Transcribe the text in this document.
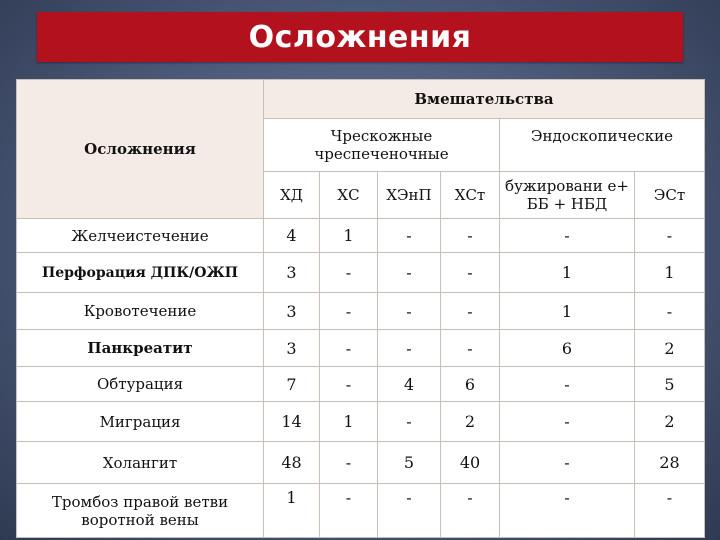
Осложнения
Осложнения	Вмешательства					
	Чрескожные чреспеченочные				Эндоскопические	
	ХД	ХС	ХЭнП	ХСт	бужировани е+ ББ + НБД	ЭСт
Желчеистечение	4	1	-	-	-	-
Перфорация ДПК/ОЖП	3	-	-	-	1	1
Кровотечение	3	-	-	-	1	-
Панкреатит	3	-	-	-	6	2
Обтурация	7	-	4	6	-	5
Миграция	14	1	-	2	-	2
Холангит	48	-	5	40	-	28
Тромбоз правой ветви воротной вены	1	-	-	-	-	-
